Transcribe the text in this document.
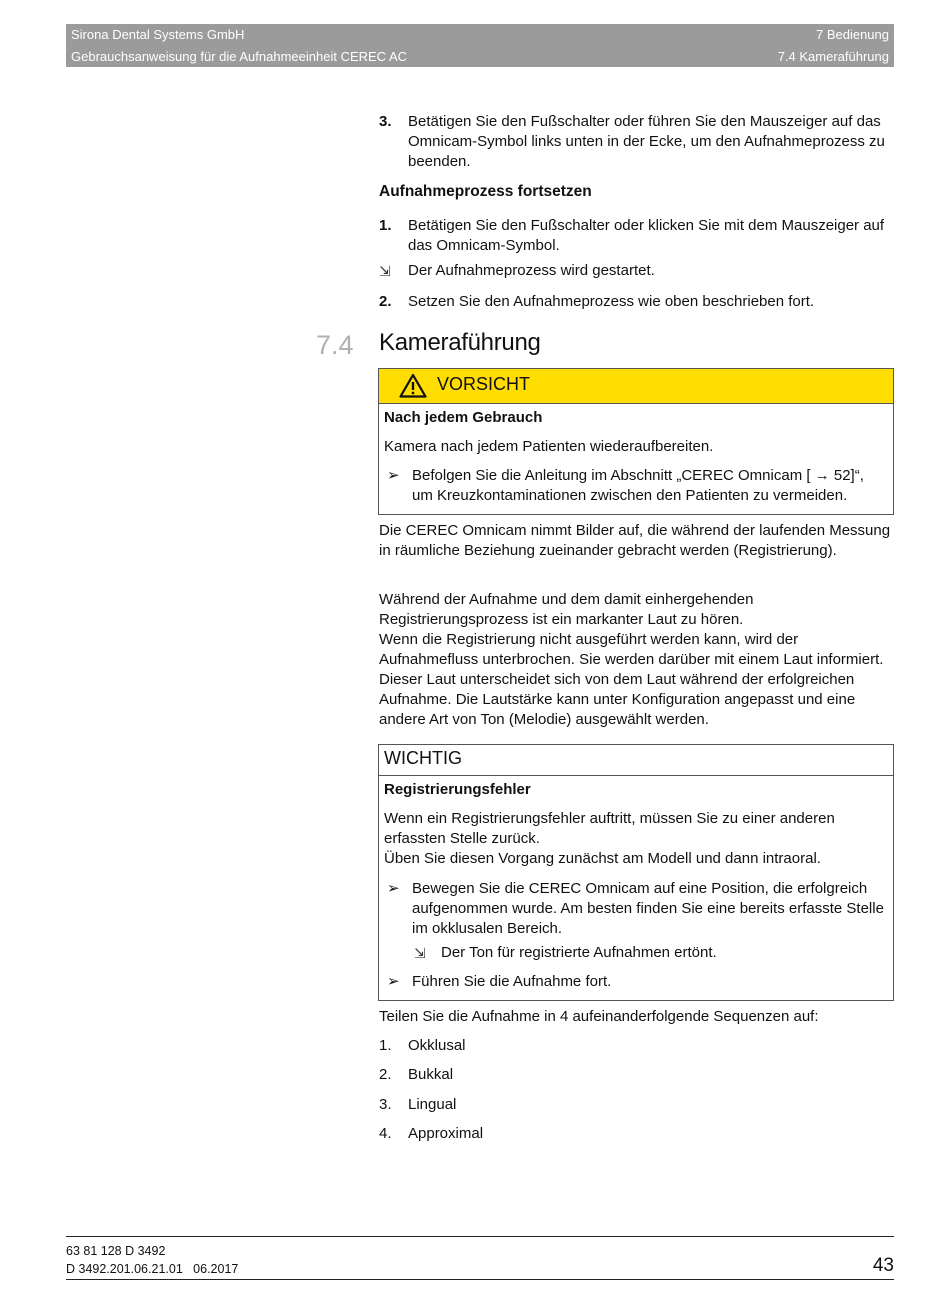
Sirona Dental Systems GmbH
Gebrauchsanweisung für die Aufnahmeeinheit CEREC AC
7 Bedienung
7.4 Kameraführung
3. Betätigen Sie den Fußschalter oder führen Sie den Mauszeiger auf das Omnicam-Symbol links unten in der Ecke, um den Aufnahmeprozess zu beenden.
Aufnahmeprozess fortsetzen
1. Betätigen Sie den Fußschalter oder klicken Sie mit dem Mauszeiger auf das Omnicam-Symbol.
⇲ Der Aufnahmeprozess wird gestartet.
2. Setzen Sie den Aufnahmeprozess wie oben beschrieben fort.
7.4 Kameraführung
VORSICHT
Nach jedem Gebrauch
Kamera nach jedem Patienten wiederaufbereiten.
➢ Befolgen Sie die Anleitung im Abschnitt „CEREC Omnicam [ → 52]“, um Kreuzkontaminationen zwischen den Patienten zu vermeiden.
Die CEREC Omnicam nimmt Bilder auf, die während der laufenden Messung in räumliche Beziehung zueinander gebracht werden (Registrierung).
Während der Aufnahme und dem damit einhergehenden Registrierungsprozess ist ein markanter Laut zu hören.
Wenn die Registrierung nicht ausgeführt werden kann, wird der Aufnahmefluss unterbrochen. Sie werden darüber mit einem Laut informiert. Dieser Laut unterscheidet sich von dem Laut während der erfolgreichen Aufnahme. Die Lautstärke kann unter Konfiguration angepasst und eine andere Art von Ton (Melodie) ausgewählt werden.
WICHTIG
Registrierungsfehler
Wenn ein Registrierungsfehler auftritt, müssen Sie zu einer anderen erfassten Stelle zurück.
Üben Sie diesen Vorgang zunächst am Modell und dann intraoral.
➢ Bewegen Sie die CEREC Omnicam auf eine Position, die erfolgreich aufgenommen wurde. Am besten finden Sie eine bereits erfasste Stelle im okklusalen Bereich.
⇲ Der Ton für registrierte Aufnahmen ertönt.
➢ Führen Sie die Aufnahme fort.
Teilen Sie die Aufnahme in 4 aufeinanderfolgende Sequenzen auf:
1. Okklusal
2. Bukkal
3. Lingual
4. Approximal
63 81 128 D 3492
D 3492.201.06.21.01   06.2017	43
